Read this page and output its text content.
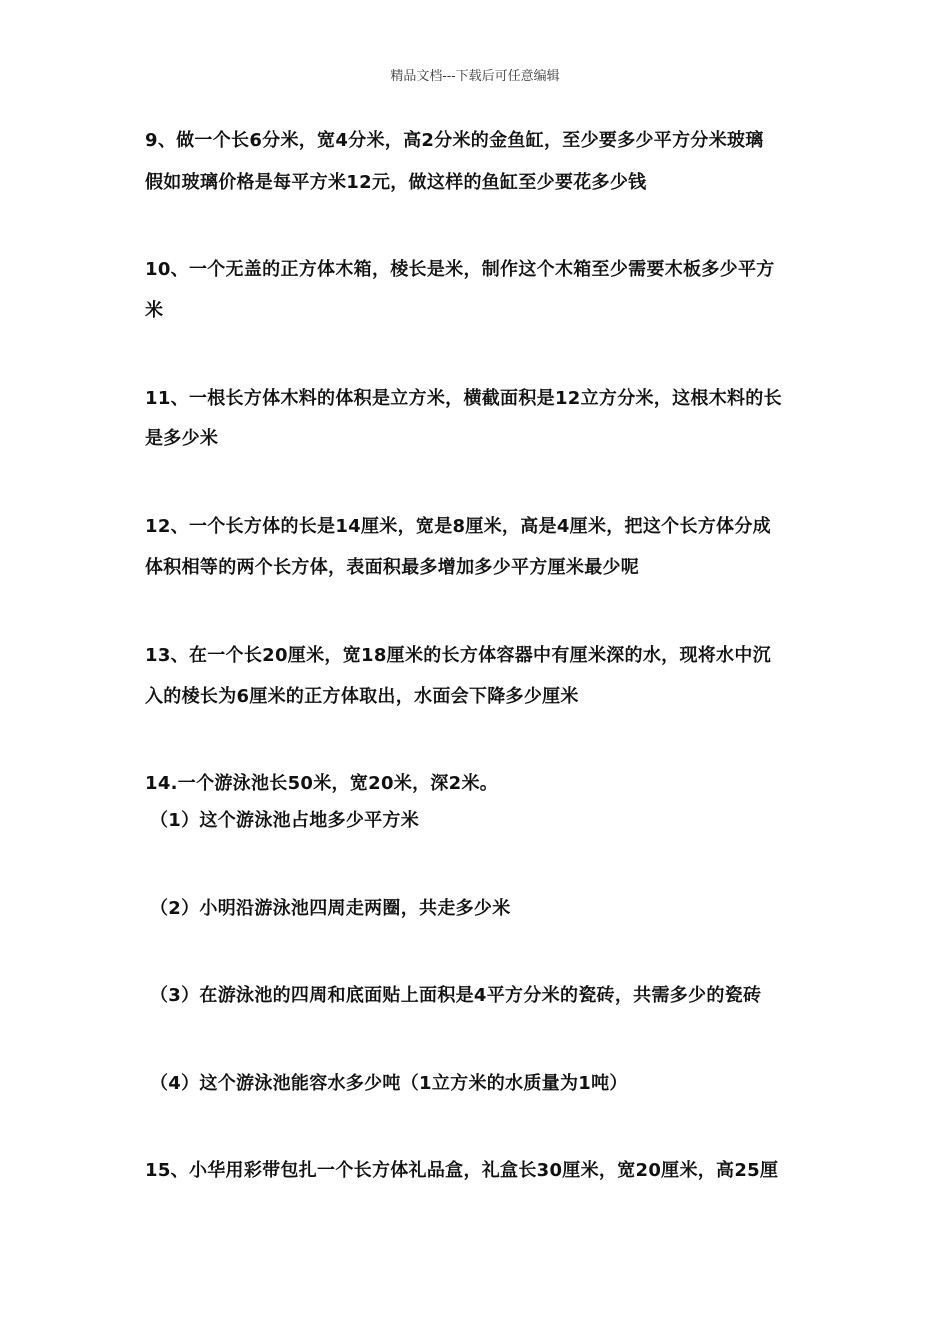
精品文档---下载后可任意编辑
9、做一个长6分米，宽4分米，高2分米的金鱼缸，至少要多少平方分米玻璃
假如玻璃价格是每平方米12元，做这样的鱼缸至少要花多少钱
10、一个无盖的正方体木箱，棱长是米，制作这个木箱至少需要木板多少平方
米
11、一根长方体木料的体积是立方米，横截面积是12立方分米，这根木料的长
是多少米
12、一个长方体的长是14厘米，宽是8厘米，高是4厘米，把这个长方体分成
体积相等的两个长方体，表面积最多增加多少平方厘米最少呢
13、在一个长20厘米，宽18厘米的长方体容器中有厘米深的水，现将水中沉
入的棱长为6厘米的正方体取出，水面会下降多少厘米
14.一个游泳池长50米，宽20米，深2米。
（1）这个游泳池占地多少平方米
（2）小明沿游泳池四周走两圈，共走多少米
（3）在游泳池的四周和底面贴上面积是4平方分米的瓷砖，共需多少的瓷砖
（4）这个游泳池能容水多少吨（1立方米的水质量为1吨）
15、小华用彩带包扎一个长方体礼品盒，礼盒长30厘米，宽20厘米，高25厘
